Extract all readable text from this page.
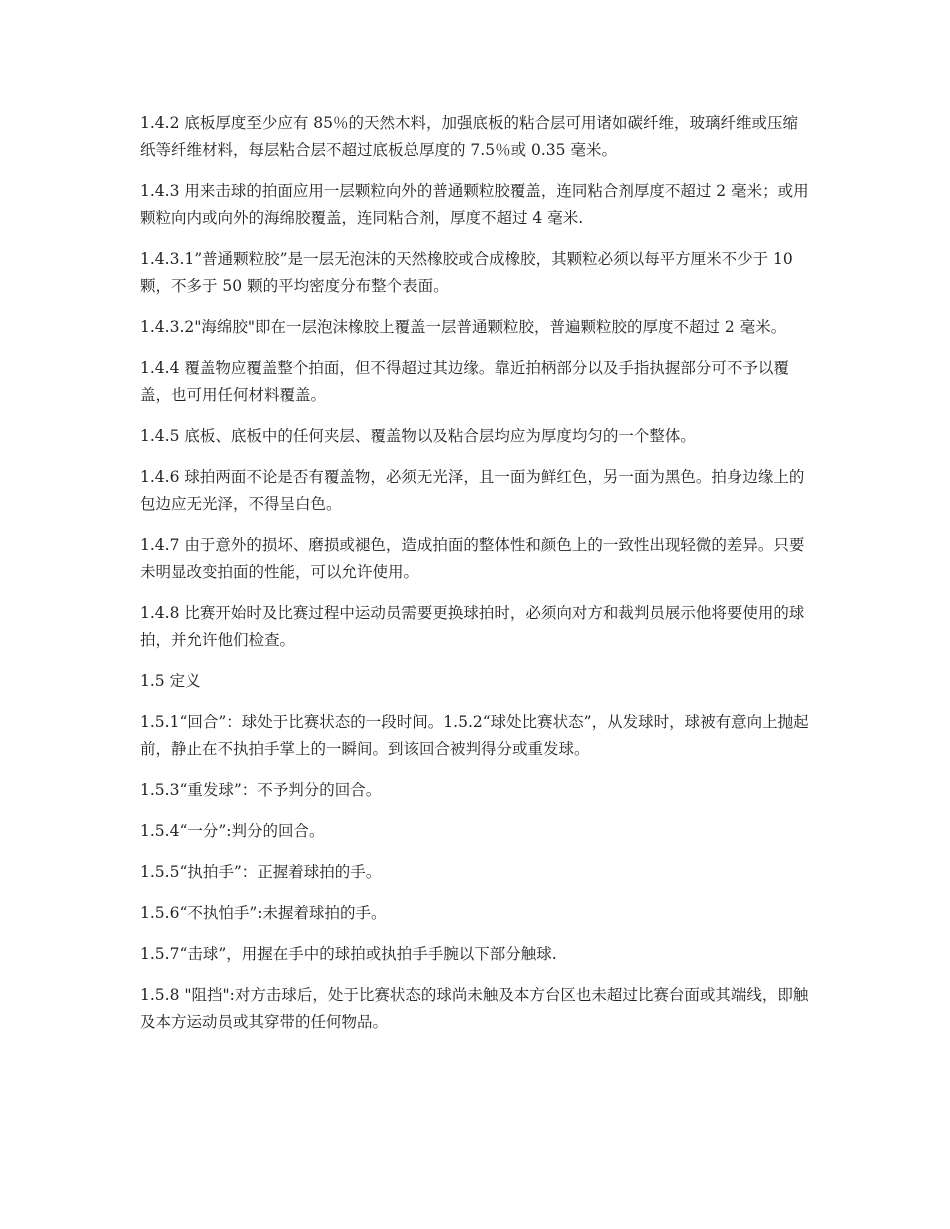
1.4.2 底板厚度至少应有 85％的天然木料，加强底板的粘合层可用诸如碳纤维，玻璃纤维或压缩纸等纤维材料，每层粘合层不超过底板总厚度的 7.5％或 0.35 毫米。

1.4.3 用来击球的拍面应用一层颗粒向外的普通颗粒胶覆盖，连同粘合剂厚度不超过 2 毫米；或用颗粒向内或向外的海绵胶覆盖，连同粘合剂，厚度不超过 4 毫米.

1.4.3.1”普通颗粒胶”是一层无泡沫的天然橡胶或合成橡胶，其颗粒必须以每平方厘米不少于 10 颗，不多于 50 颗的平均密度分布整个表面。

1.4.3.2"海绵胶"即在一层泡沫橡胶上覆盖一层普通颗粒胶，普遍颗粒胶的厚度不超过 2 毫米。

1.4.4 覆盖物应覆盖整个拍面，但不得超过其边缘。靠近拍柄部分以及手指执握部分可不予以覆盖，也可用任何材料覆盖。

1.4.5 底板、底板中的任何夹层、覆盖物以及粘合层均应为厚度均匀的一个整体。

1.4.6 球拍两面不论是否有覆盖物，必须无光泽，且一面为鲜红色，另一面为黑色。拍身边缘上的包边应无光泽，不得呈白色。

1.4.7 由于意外的损坏、磨损或褪色，造成拍面的整体性和颜色上的一致性出现轻微的差异。只要未明显改变拍面的性能，可以允许使用。

1.4.8 比赛开始时及比赛过程中运动员需要更换球拍时，必须向对方和裁判员展示他将要使用的球拍，并允许他们检查。

1.5 定义

1.5.1“回合”：球处于比赛状态的一段时间。1.5.2“球处比赛状态”，从发球时，球被有意向上抛起前，静止在不执拍手掌上的一瞬间。到该回合被判得分或重发球。

1.5.3“重发球”：不予判分的回合。

1.5.4“一分”:判分的回合。

1.5.5“执拍手”：正握着球拍的手。

1.5.6“不执怕手”:未握着球拍的手。

1.5.7“击球”，用握在手中的球拍或执拍手手腕以下部分触球.

1.5.8 "阻挡":对方击球后，处于比赛状态的球尚未触及本方台区也未超过比赛台面或其端线，即触及本方运动员或其穿带的任何物品。
